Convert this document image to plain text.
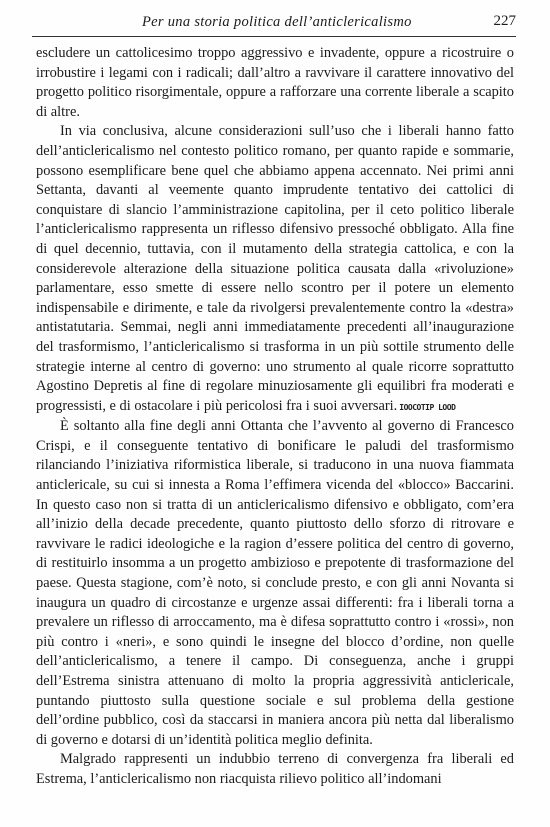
Per una storia politica dell’anticlericalismo	227

escludere un cattolicesimo troppo aggressivo e invadente, oppure a ricostruire o irrobustire i legami con i radicali; dall’altro a ravvivare il carattere innovativo del progetto politico risorgimentale, oppure a rafforzare una corrente liberale a scapito di altre.

In via conclusiva, alcune considerazioni sull’uso che i liberali hanno fatto dell’anticlericalismo nel contesto politico romano, per quanto rapide e sommarie, possono esemplificare bene quel che abbiamo appena accennato. Nei primi anni Settanta, davanti al veemente quanto imprudente tentativo dei cattolici di conquistare di slancio l’amministrazione capitolina, per il ceto politico liberale l’anticlericalismo rappresenta un riflesso difensivo pressoché obbligato. Alla fine di quel decennio, tuttavia, con il mutamento della strategia cattolica, e con la considerevole alterazione della situazione politica causata dalla «rivoluzione» parlamentare, esso smette di essere nello scontro per il potere un elemento indispensabile e dirimente, e tale da rivolgersi prevalentemente contro la «destra» antistatutaria. Semmai, negli anni immediatamente precedenti all’inaugurazione del trasformismo, l’anticlericalismo si trasforma in un più sottile strumento delle strategie interne al centro di governo: uno strumento al quale ricorre soprattutto Agostino Depretis al fine di regolare minuziosamente gli equilibri fra moderati e progressisti, e di ostacolare i più pericolosi fra i suoi avversari. IOOCOTIP LOOD

È soltanto alla fine degli anni Ottanta che l’avvento al governo di Francesco Crispi, e il conseguente tentativo di bonificare le paludi del trasformismo rilanciando l’iniziativa riformistica liberale, si traducono in una nuova fiammata anticlericale, su cui si innesta a Roma l’effimera vicenda del «blocco» Baccarini. In questo caso non si tratta di un anticlericalismo difensivo e obbligato, com’era all’inizio della decade precedente, quanto piuttosto dello sforzo di ritrovare e ravvivare le radici ideologiche e la ragion d’essere politica del centro di governo, di restituirlo insomma a un progetto ambizioso e prepotente di trasformazione del paese. Questa stagione, com’è noto, si conclude presto, e con gli anni Novanta si inaugura un quadro di circostanze e urgenze assai differenti: fra i liberali torna a prevalere un riflesso di arroccamento, ma è difesa soprattutto contro i «rossi», non più contro i «neri», e sono quindi le insegne del blocco d’ordine, non quelle dell’anticlericalismo, a tenere il campo. Di conseguenza, anche i gruppi dell’Estrema sinistra attenuano di molto la propria aggressività anticlericale, puntando piuttosto sulla questione sociale e sul problema della gestione dell’ordine pubblico, così da staccarsi in maniera ancora più netta dal liberalismo di governo e dotarsi di un’identità politica meglio definita.

Malgrado rappresenti un indubbio terreno di convergenza fra liberali ed Estrema, l’anticlericalismo non riacquista rilievo politico all’indomani
